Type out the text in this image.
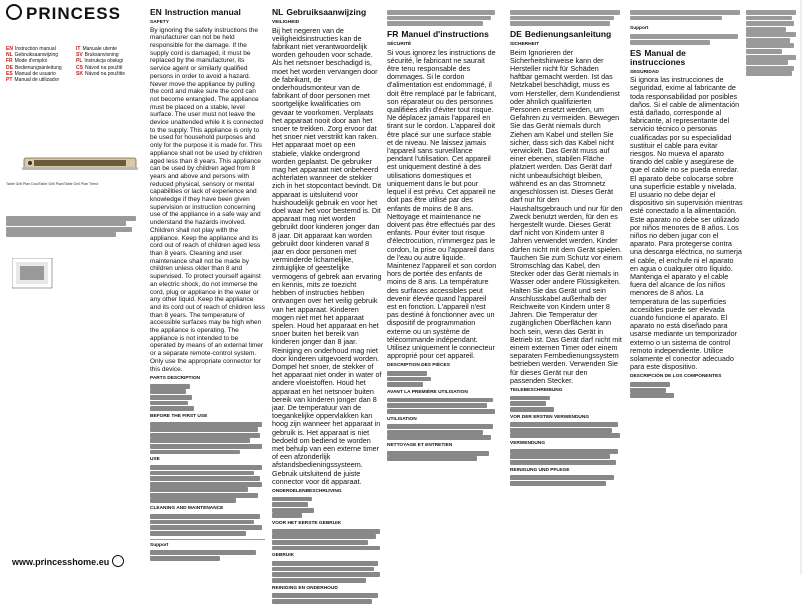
PRINCESS
EN Instruction manual	IT Manuale utente
NL Gebruiksaanwijzing	SV Bruksanvisning
FR Mode d'emploi	PL Instrukcja obsługi
DE Bedienungsanleitung	CS Návod na použití
ES Manual de usuario	SK Návod na použitie
PT Manual de utilizador
Table Grill Plan Duo/Table Grill Plan/Table Grill Plan Trend
www.princesshome.eu
EN Instruction manual
SAFETY
By ignoring the safety instructions the manufacturer can not be held responsible for the damage. If the supply cord is damaged, it must be replaced by the manufacturer, its service agent or similarly qualified persons in order to avoid a hazard. Never move the appliance by pulling the cord and make sure the cord can not become entangled. The appliance must be placed on a stable, level surface. The user must not leave the device unattended while it is connected to the supply. This appliance is only to be used for household purposes and only for the purpose it is made for. This appliance shall not be used by children aged less than 8 years. This appliance can be used by children aged from 8 years and above and persons with reduced physical, sensory or mental capabilities or lack of experience and knowledge if they have been given supervision or instruction concerning use of the appliance in a safe way and understand the hazards involved. Children shall not play with the appliance. Keep the appliance and its cord out of reach of children aged less than 8 years. Cleaning and user maintenance shall not be made by children unless older than 8 and supervised. To protect yourself against an electric shock, do not immerse the cord, plug or appliance in the water or any other liquid. Keep the appliance and its cord out of reach of children less than 8 years. The temperature of accessible surfaces may be high when the appliance is operating. The appliance is not intended to be operated by means of an external timer or a separate remote-control system. Only use the appropriate connector for this device.
PARTS DESCRIPTION
BEFORE THE FIRST USE
USE
CLEANING AND MAINTENANCE
Support
NL Gebruiksaanwijzing
VEILIGHEID
Bij het negeren van de veiligheidsinstructies kan de fabrikant niet verantwoordelijk worden gehouden voor schade. Als het netsnoer beschadigd is, moet het worden vervangen door de fabrikant, de onderhoudsmonteur van de fabrikant of door personen met soortgelijke kwalificaties om gevaar te voorkomen. Verplaats het apparaat nooit door aan het snoer te trekken. Zorg ervoor dat het snoer niet verstrikt kan raken. Het apparaat moet op een stabiele, vlakke ondergrond worden geplaatst. De gebruiker mag het apparaat niet onbeheerd achterlaten wanneer de stekker zich in het stopcontact bevindt. Dit apparaat is uitsluitend voor huishoudelijk gebruik en voor het doel waar het voor bestemd is. Dit apparaat mag niet worden gebruikt door kinderen jonger dan 8 jaar. Dit apparaat kan worden gebruikt door kinderen vanaf 8 jaar en door personen met verminderde lichamelijke, zintuiglijke of geestelijke vermogens of gebrek aan ervaring en kennis, mits ze toezicht hebben of instructies hebben ontvangen over het veilig gebruik van het apparaat. Kinderen mogen niet met het apparaat spelen. Houd het apparaat en het snoer buiten het bereik van kinderen jonger dan 8 jaar. Reiniging en onderhoud mag niet door kinderen uitgevoerd worden. Dompel het snoer, de stekker of het apparaat niet onder in water of andere vloeistoffen. Houd het apparaat en het netsnoer buiten bereik van kinderen jonger dan 8 jaar. De temperatuur van de toegankelijke oppervlakken kan hoog zijn wanneer het apparaat in gebruik is. Het apparaat is niet bedoeld om bediend te worden met behulp van een externe timer of een afzonderlijk afstandsbedieningssysteem. Gebruik uitsluitend de juiste connector voor dit apparaat.
ONDERDELENBESCHRIJVING
VOOR HET EERSTE GEBRUIK
GEBRUIK
REINIGING EN ONDERHOUD
FR Manuel d'instructions
SÉCURITÉ
Si vous ignorez les instructions de sécurité, le fabricant ne saurait être tenu responsable des dommages. Si le cordon d'alimentation est endommagé, il doit être remplacé par le fabricant, son réparateur ou des personnes qualifiées afin d'éviter tout risque. Ne déplacez jamais l'appareil en tirant sur le cordon. L'appareil doit être placé sur une surface stable et de niveau. Ne laissez jamais l'appareil sans surveillance pendant l'utilisation. Cet appareil est uniquement destiné à des utilisations domestiques et uniquement dans le but pour lequel il est prévu. Cet appareil ne doit pas être utilisé par des enfants de moins de 8 ans. Nettoyage et maintenance ne doivent pas être effectués par des enfants. Pour éviter tout risque d'électrocution, n'immergez pas le cordon, la prise ou l'appareil dans de l'eau ou autre liquide. Maintenez l'appareil et son cordon hors de portée des enfants de moins de 8 ans. La température des surfaces accessibles peut devenir élevée quand l'appareil est en fonction. L'appareil n'est pas destiné à fonctionner avec un dispositif de programmation externe ou un système de télécommande indépendant. Utilisez uniquement le connecteur approprié pour cet appareil.
DESCRIPTION DES PIÈCES
AVANT LA PREMIÈRE UTILISATION
UTILISATION
NETTOYAGE ET ENTRETIEN
DE Bedienungsanleitung
SICHERHEIT
Beim Ignorieren der Sicherheitshinweise kann der Hersteller nicht für Schäden haftbar gemacht werden. Ist das Netzkabel beschädigt, muss es vom Hersteller, dem Kundendienst oder ähnlich qualifizierten Personen ersetzt werden, um Gefahren zu vermeiden. Bewegen Sie das Gerät niemals durch Ziehen am Kabel und stellen Sie sicher, dass sich das Kabel nicht verwickelt. Das Gerät muss auf einer ebenen, stabilen Fläche platziert werden. Das Gerät darf nicht unbeaufsichtigt bleiben, während es an das Stromnetz angeschlossen ist. Dieses Gerät darf nur für den Haushaltsgebrauch und nur für den Zweck benutzt werden, für den es hergestellt wurde. Dieses Gerät darf nicht von Kindern unter 8 Jahren verwendet werden. Kinder dürfen nicht mit dem Gerät spielen. Tauchen Sie zum Schutz vor einem Stromschlag das Kabel, den Stecker oder das Gerät niemals in Wasser oder andere Flüssigkeiten. Halten Sie das Gerät und sein Anschlusskabel außerhalb der Reichweite von Kindern unter 8 Jahren. Die Temperatur der zugänglichen Oberflächen kann hoch sein, wenn das Gerät in Betrieb ist. Das Gerät darf nicht mit einem externen Timer oder einem separaten Fernbedienungssystem betrieben werden. Verwenden Sie für dieses Gerät nur den passenden Stecker.
TEILEBESCHREIBUNG
VOR DER ERSTEN VERWENDUNG
VERWENDUNG
REINIGUNG UND PFLEGE
Support
ES Manual de instrucciones
SEGURIDAD
Si ignora las instrucciones de seguridad, exime al fabricante de toda responsabilidad por posibles daños. Si el cable de alimentación está dañado, corresponde al fabricante, al representante del servicio técnico o personas cualificadas por su especialidad sustituir el cable para evitar riesgos. No mueva el aparato tirando del cable y asegúrese de que el cable no se pueda enredar. El aparato debe colocarse sobre una superficie estable y nivelada. El usuario no debe dejar el dispositivo sin supervisión mientras esté conectado a la alimentación. Este aparato no debe ser utilizado por niños menores de 8 años. Los niños no deben jugar con el aparato. Para protegerse contra una descarga eléctrica, no sumerja el cable, el enchufe ni el aparato en agua o cualquier otro líquido. Mantenga el aparato y el cable fuera del alcance de los niños menores de 8 años. La temperatura de las superficies accesibles puede ser elevada cuando funcione el aparato. El aparato no está diseñado para usarse mediante un temporizador externo o un sistema de control remoto independiente. Utilice solamente el conector adecuado para este dispositivo.
DESCRIPCIÓN DE LOS COMPONENTES
